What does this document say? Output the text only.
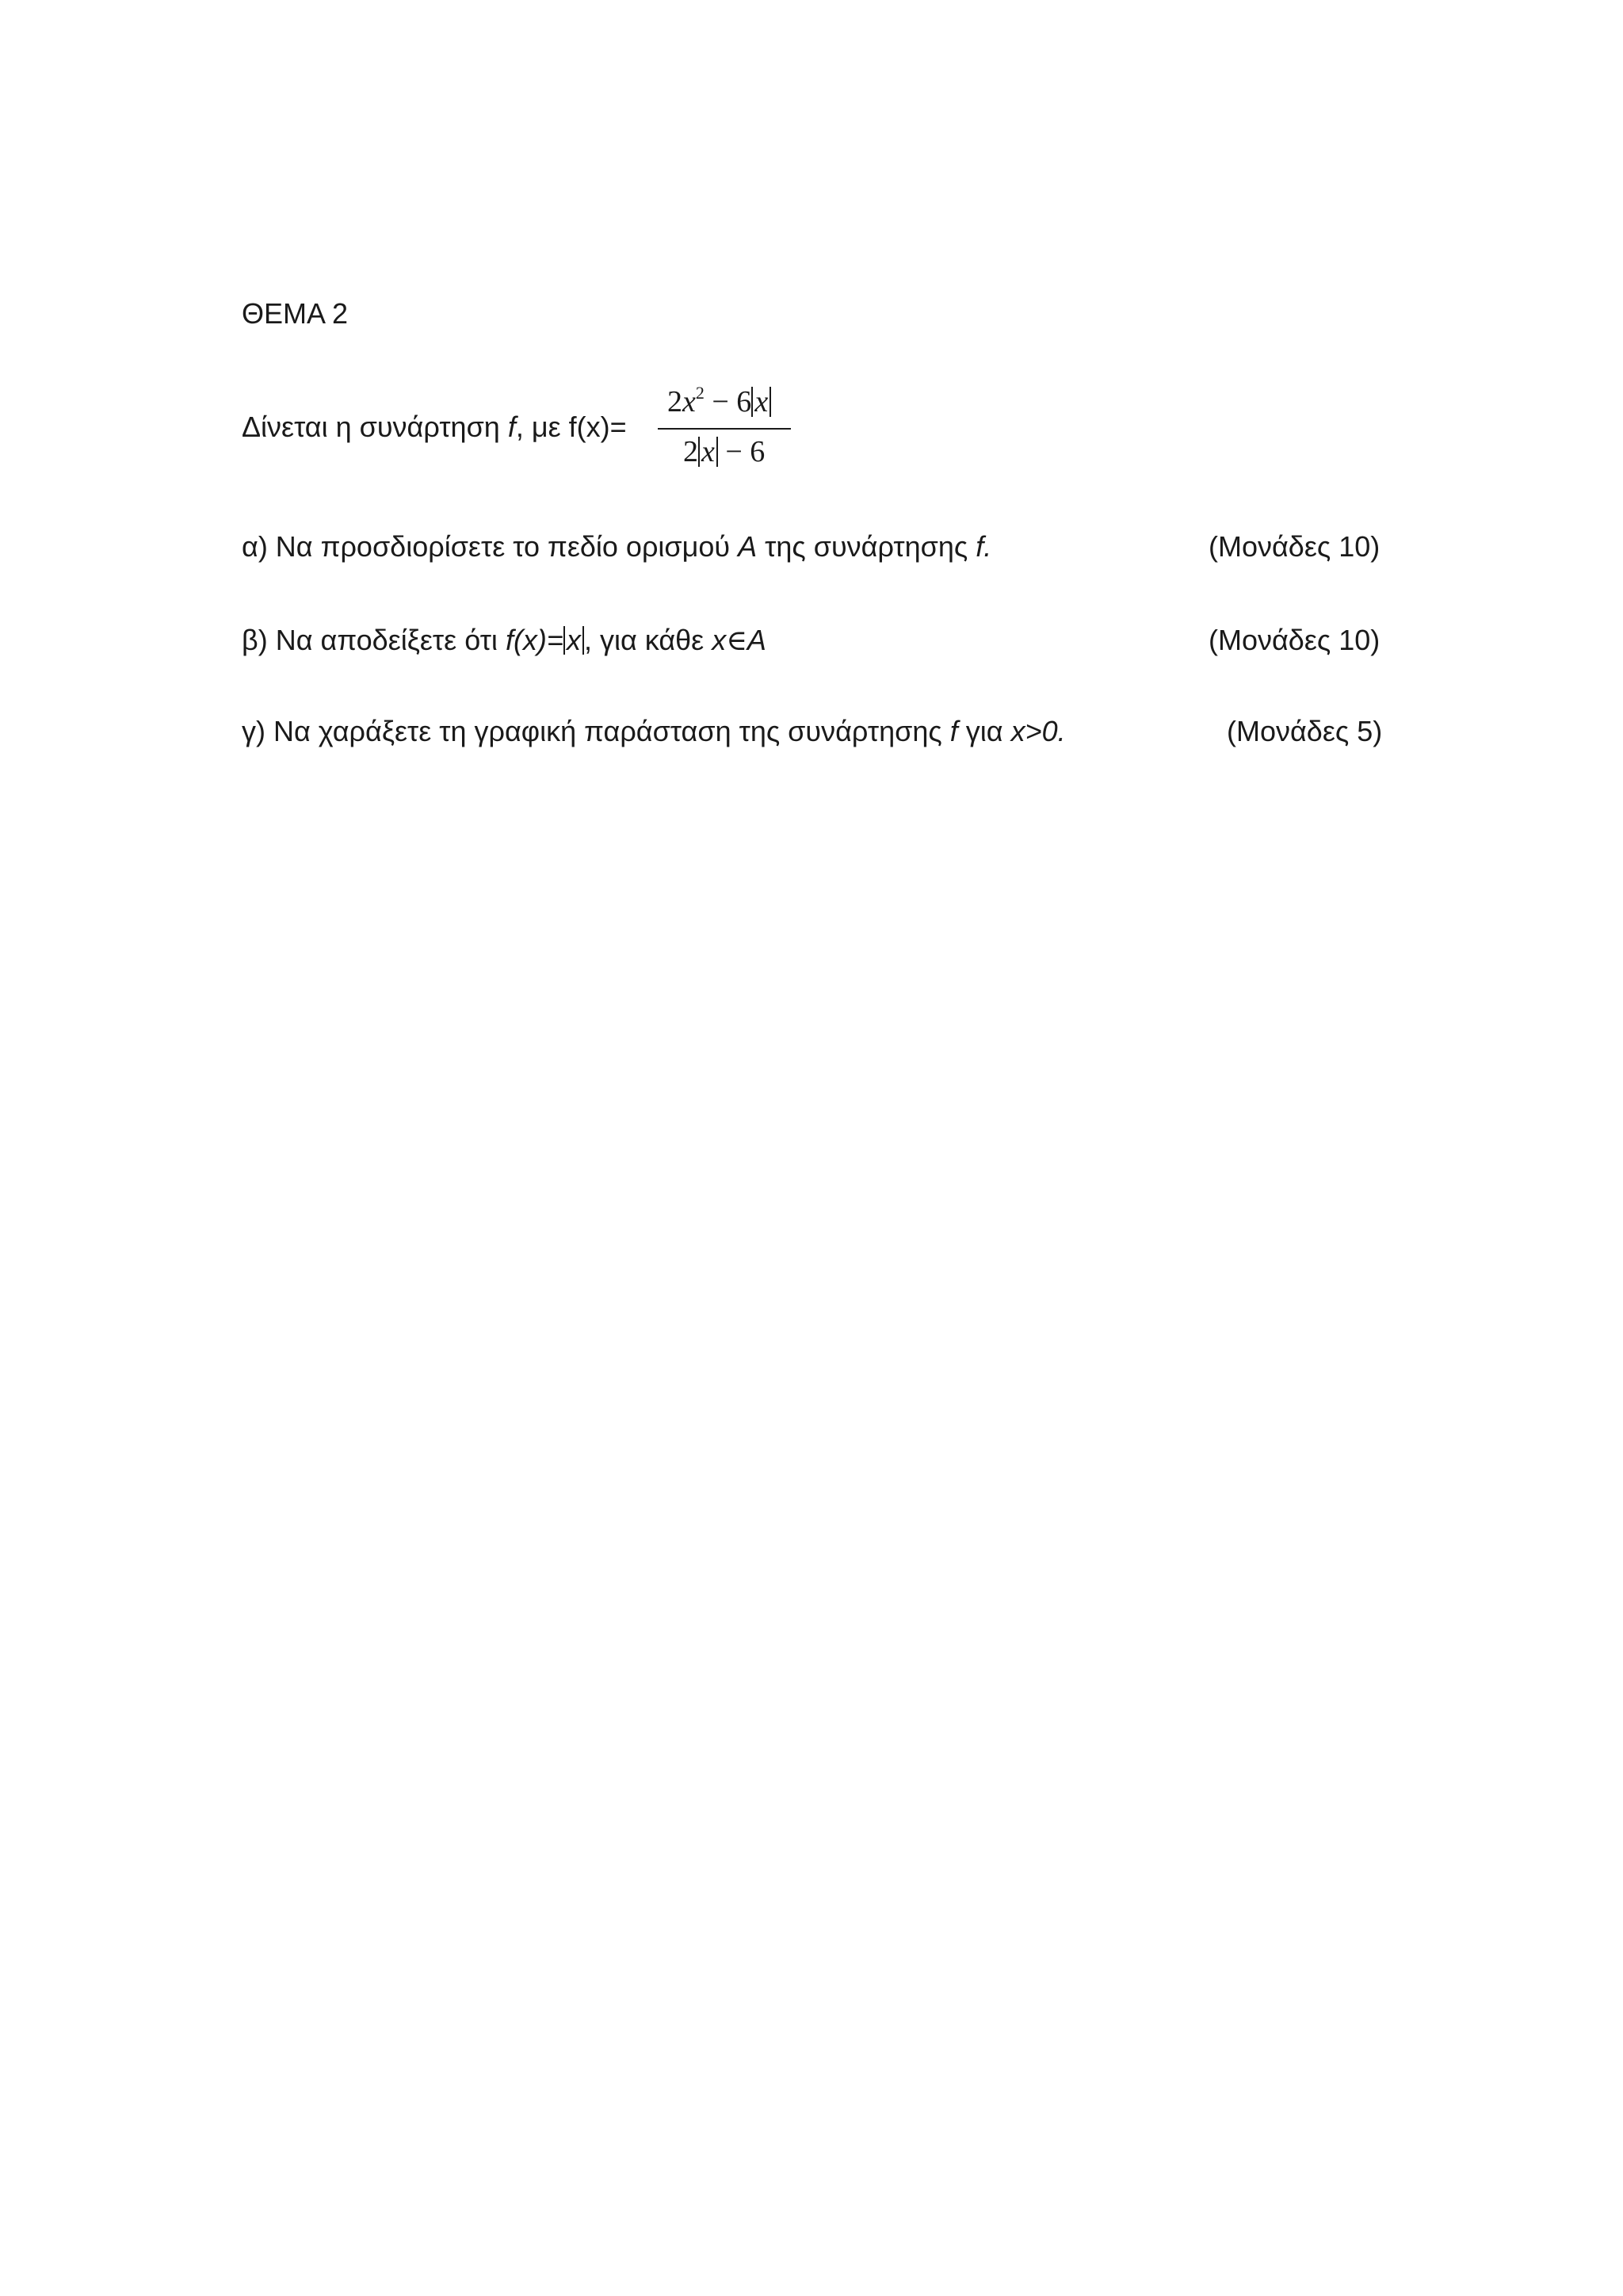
ΘΕΜΑ 2
Δίνεται η συνάρτηση f, με f(x)=
$2x^2 - 6$ x
2 x − 6
α) Να προσδιορίσετε το πεδίο ορισμού A της συνάρτησης f.	(Μονάδες 10)
β) Να αποδείξετε ότι f(x)= x , για κάθε x∈A	(Μονάδες 10)
γ) Να χαράξετε τη γραφική παράσταση της συνάρτησης f για x>0.	(Μονάδες 5)
